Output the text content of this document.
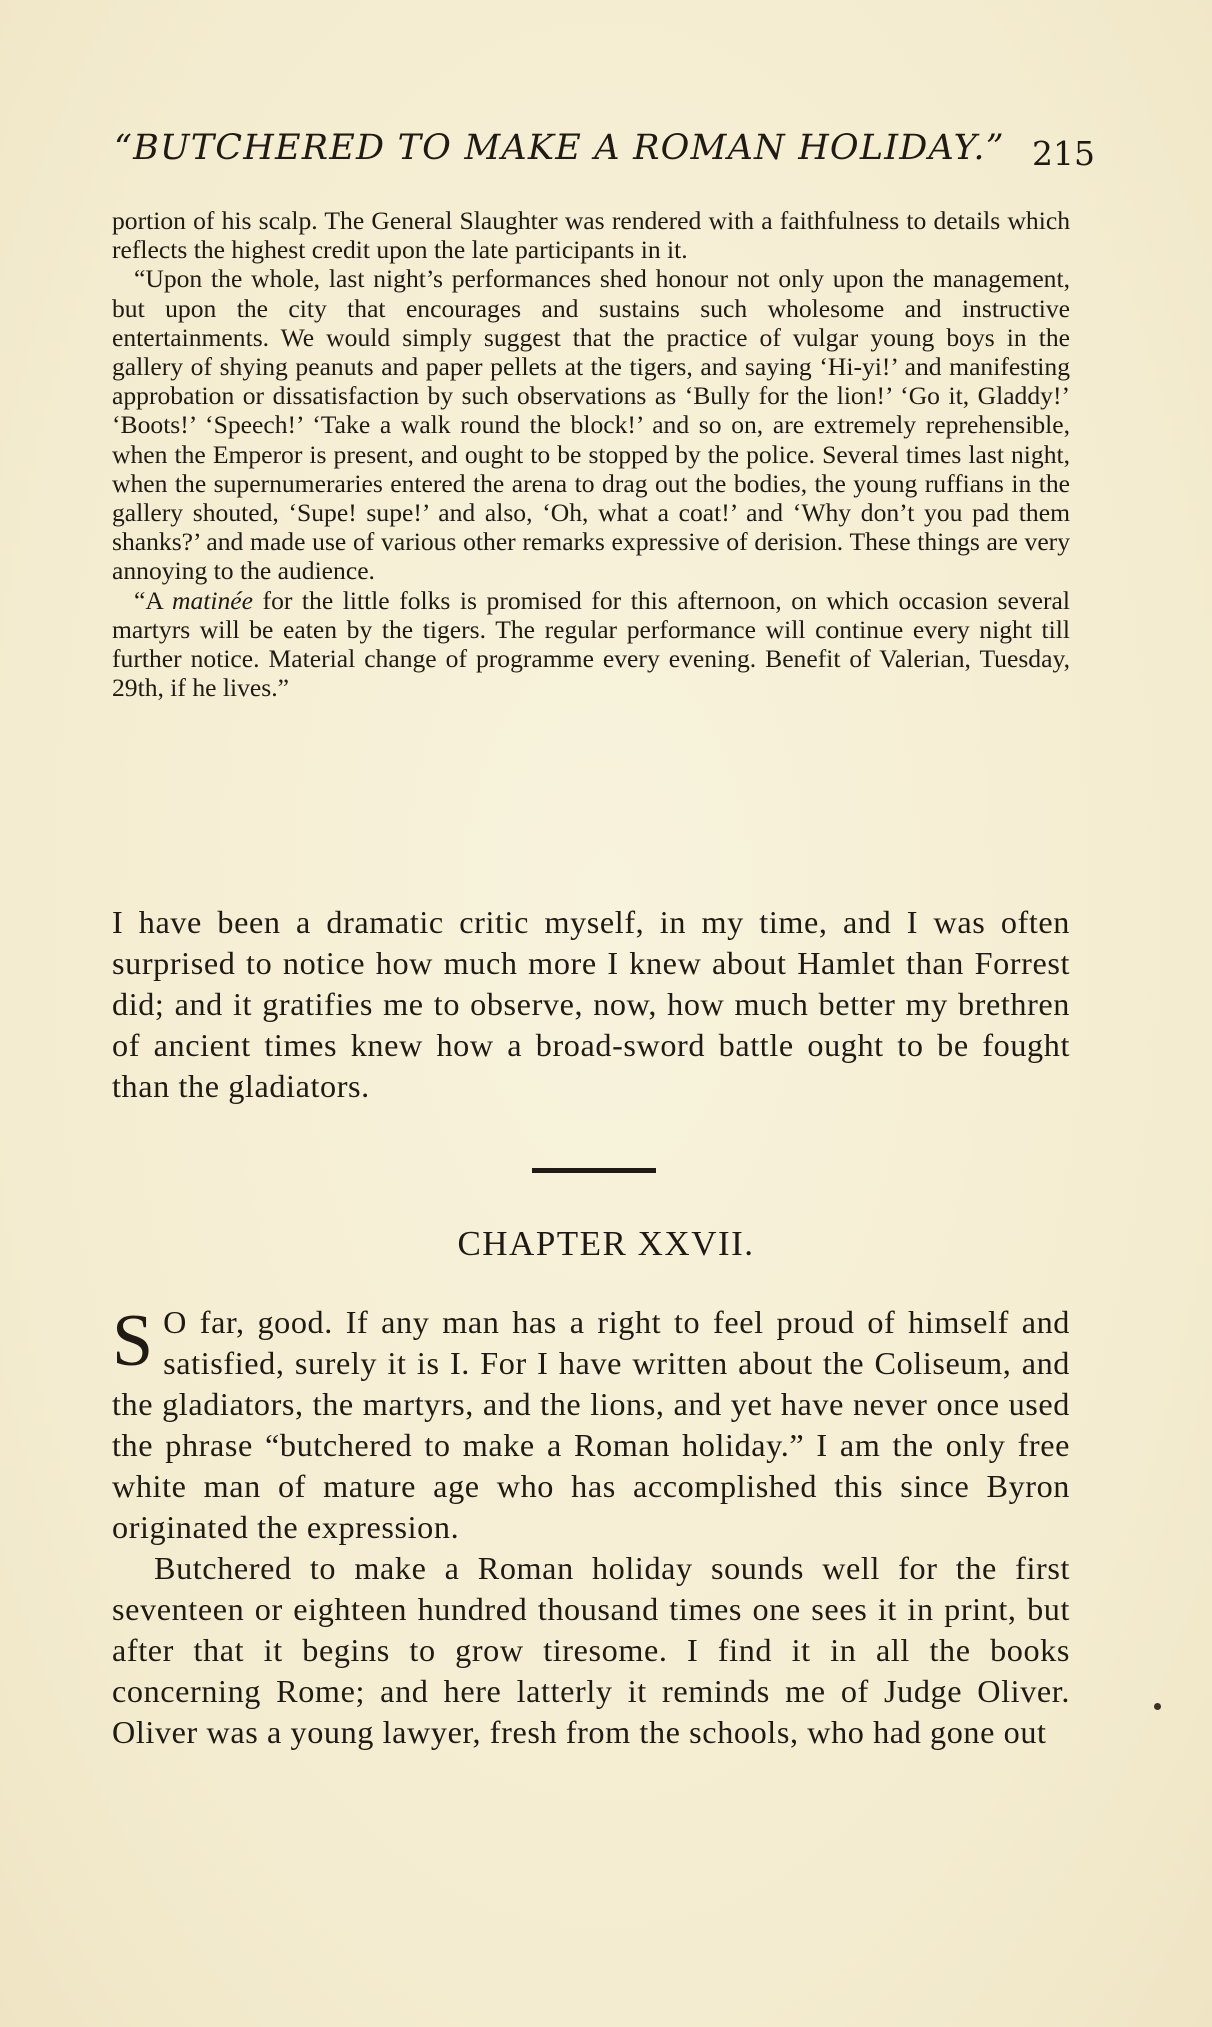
“BUTCHERED TO MAKE A ROMAN HOLIDAY.” 215

portion of his scalp. The General Slaughter was rendered with a faithfulness to details which reflects the highest credit upon the late participants in it.

“Upon the whole, last night’s performances shed honour not only upon the management, but upon the city that encourages and sustains such wholesome and instructive entertainments. We would simply suggest that the practice of vulgar young boys in the gallery of shying peanuts and paper pellets at the tigers, and saying ‘Hi-yi!’ and manifesting approbation or dissatisfaction by such observations as ‘Bully for the lion!’ ‘Go it, Gladdy!’ ‘Boots!’ ‘Speech!’ ‘Take a walk round the block!’ and so on, are extremely reprehensible, when the Emperor is present, and ought to be stopped by the police. Several times last night, when the supernumeraries entered the arena to drag out the bodies, the young ruffians in the gallery shouted, ‘Supe! supe!’ and also, ‘Oh, what a coat!’ and ‘Why don’t you pad them shanks?’ and made use of various other remarks expressive of derision. These things are very annoying to the audience.

“A matinée for the little folks is promised for this afternoon, on which occasion several martyrs will be eaten by the tigers. The regular performance will continue every night till further notice. Material change of programme every evening. Benefit of Valerian, Tuesday, 29th, if he lives.”

I have been a dramatic critic myself, in my time, and I was often surprised to notice how much more I knew about Hamlet than Forrest did; and it gratifies me to observe, now, how much better my brethren of ancient times knew how a broad-sword battle ought to be fought than the gladiators.

CHAPTER XXVII.

S O far, good. If any man has a right to feel proud of himself and satisfied, surely it is I. For I have written about the Coliseum, and the gladiators, the martyrs, and the lions, and yet have never once used the phrase “butchered to make a Roman holiday.” I am the only free white man of mature age who has accomplished this since Byron originated the expression.

Butchered to make a Roman holiday sounds well for the first seventeen or eighteen hundred thousand times one sees it in print, but after that it begins to grow tiresome. I find it in all the books concerning Rome; and here latterly it reminds me of Judge Oliver. Oliver was a young lawyer, fresh from the schools, who had gone out
